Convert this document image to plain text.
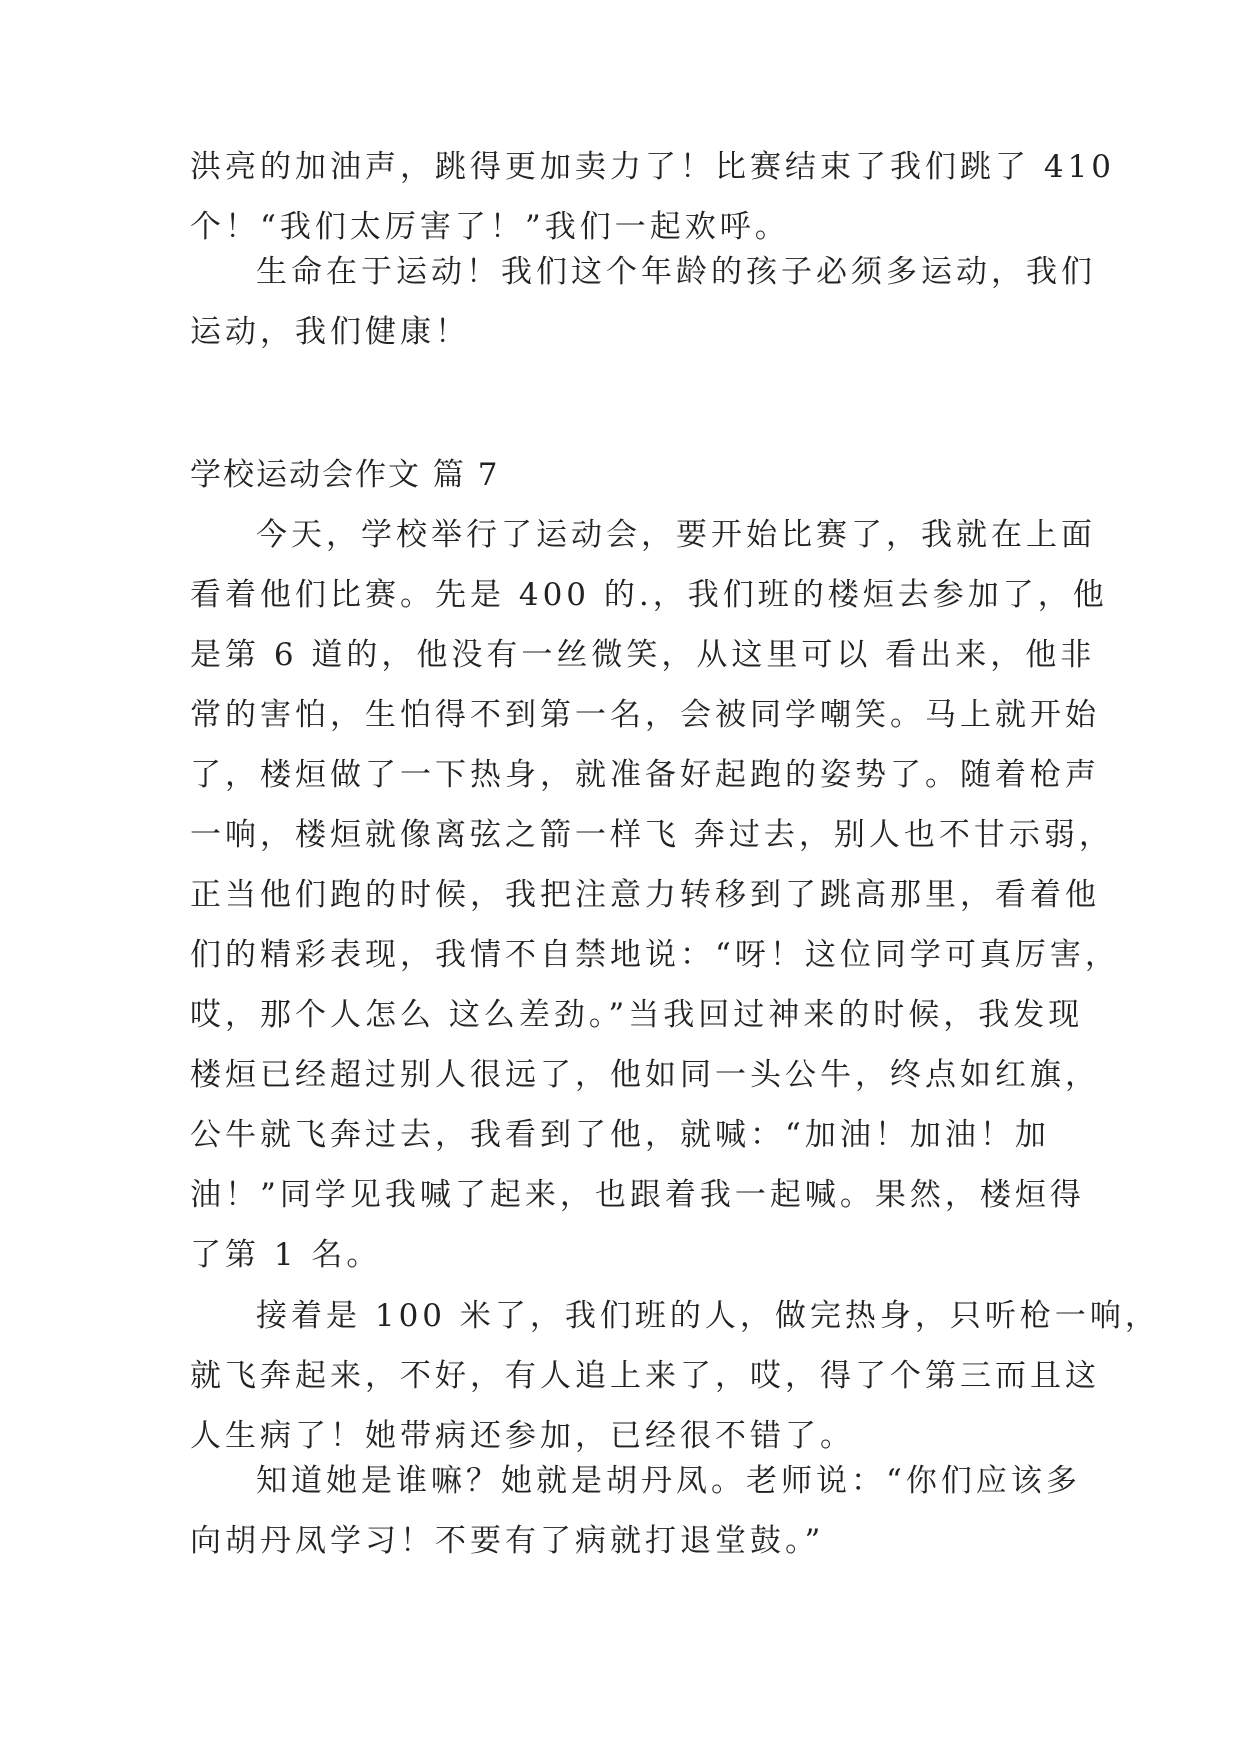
洪亮的加油声，跳得更加卖力了！比赛结束了我们跳了 410
个！“我们太厉害了！”我们一起欢呼。
生命在于运动！我们这个年龄的孩子必须多运动，我们
运动，我们健康！
学校运动会作文 篇 7
今天，学校举行了运动会，要开始比赛了，我就在上面
看着他们比赛。先是 400 的.，我们班的楼烜去参加了，他
是第 6 道的，他没有一丝微笑，从这里可以 看出来，他非
常的害怕，生怕得不到第一名，会被同学嘲笑。马上就开始
了，楼烜做了一下热身，就准备好起跑的姿势了。随着枪声
一响，楼烜就像离弦之箭一样飞 奔过去，别人也不甘示弱，
正当他们跑的时候，我把注意力转移到了跳高那里，看着他
们的精彩表现，我情不自禁地说：“呀！这位同学可真厉害，
哎，那个人怎么 这么差劲。”当我回过神来的时候，我发现
楼烜已经超过别人很远了，他如同一头公牛，终点如红旗，
公牛就飞奔过去，我看到了他，就喊：“加油！加油！加
油！”同学见我喊了起来，也跟着我一起喊。果然，楼烜得
了第 1 名。
接着是 100 米了，我们班的人，做完热身，只听枪一响，
就飞奔起来，不好，有人追上来了，哎，得了个第三而且这
人生病了！她带病还参加，已经很不错了。
知道她是谁嘛？她就是胡丹凤。老师说：“你们应该多
向胡丹凤学习！不要有了病就打退堂鼓。”
